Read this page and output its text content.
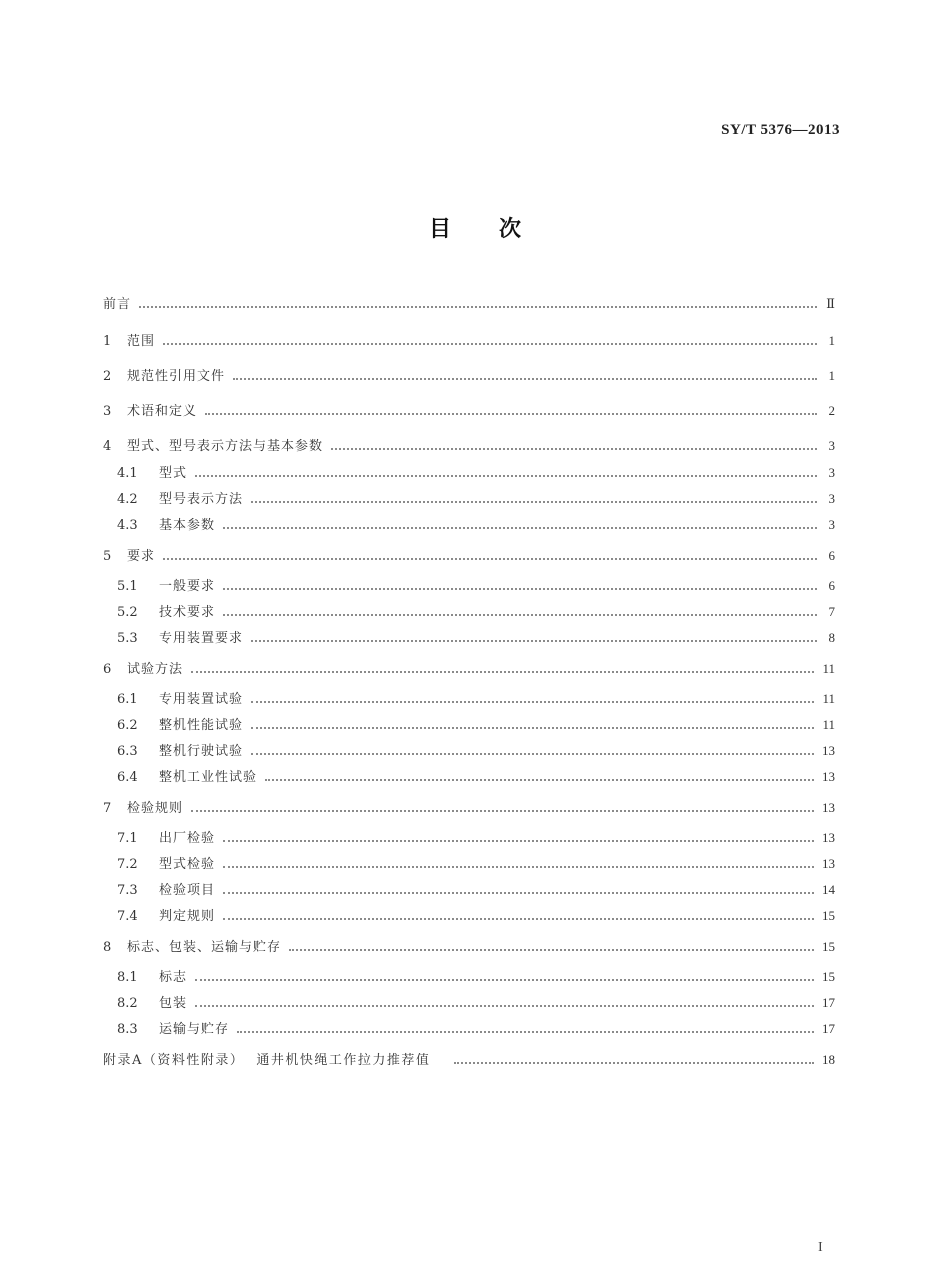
SY/T 5376—2013
目次
前言	Ⅱ
1	范围	1
2	规范性引用文件	1
3	术语和定义	2
4	型式、型号表示方法与基本参数	3
4.1	型式	3
4.2	型号表示方法	3
4.3	基本参数	3
5	要求	6
5.1	一般要求	6
5.2	技术要求	7
5.3	专用装置要求	8
6	试验方法	11
6.1	专用装置试验	11
6.2	整机性能试验	11
6.3	整机行驶试验	13
6.4	整机工业性试验	13
7	检验规则	13
7.1	出厂检验	13
7.2	型式检验	13
7.3	检验项目	14
7.4	判定规则	15
8	标志、包装、运输与贮存	15
8.1	标志	15
8.2	包装	17
8.3	运输与贮存	17
附录A（资料性附录） 通井机快绳工作拉力推荐值	18
I
